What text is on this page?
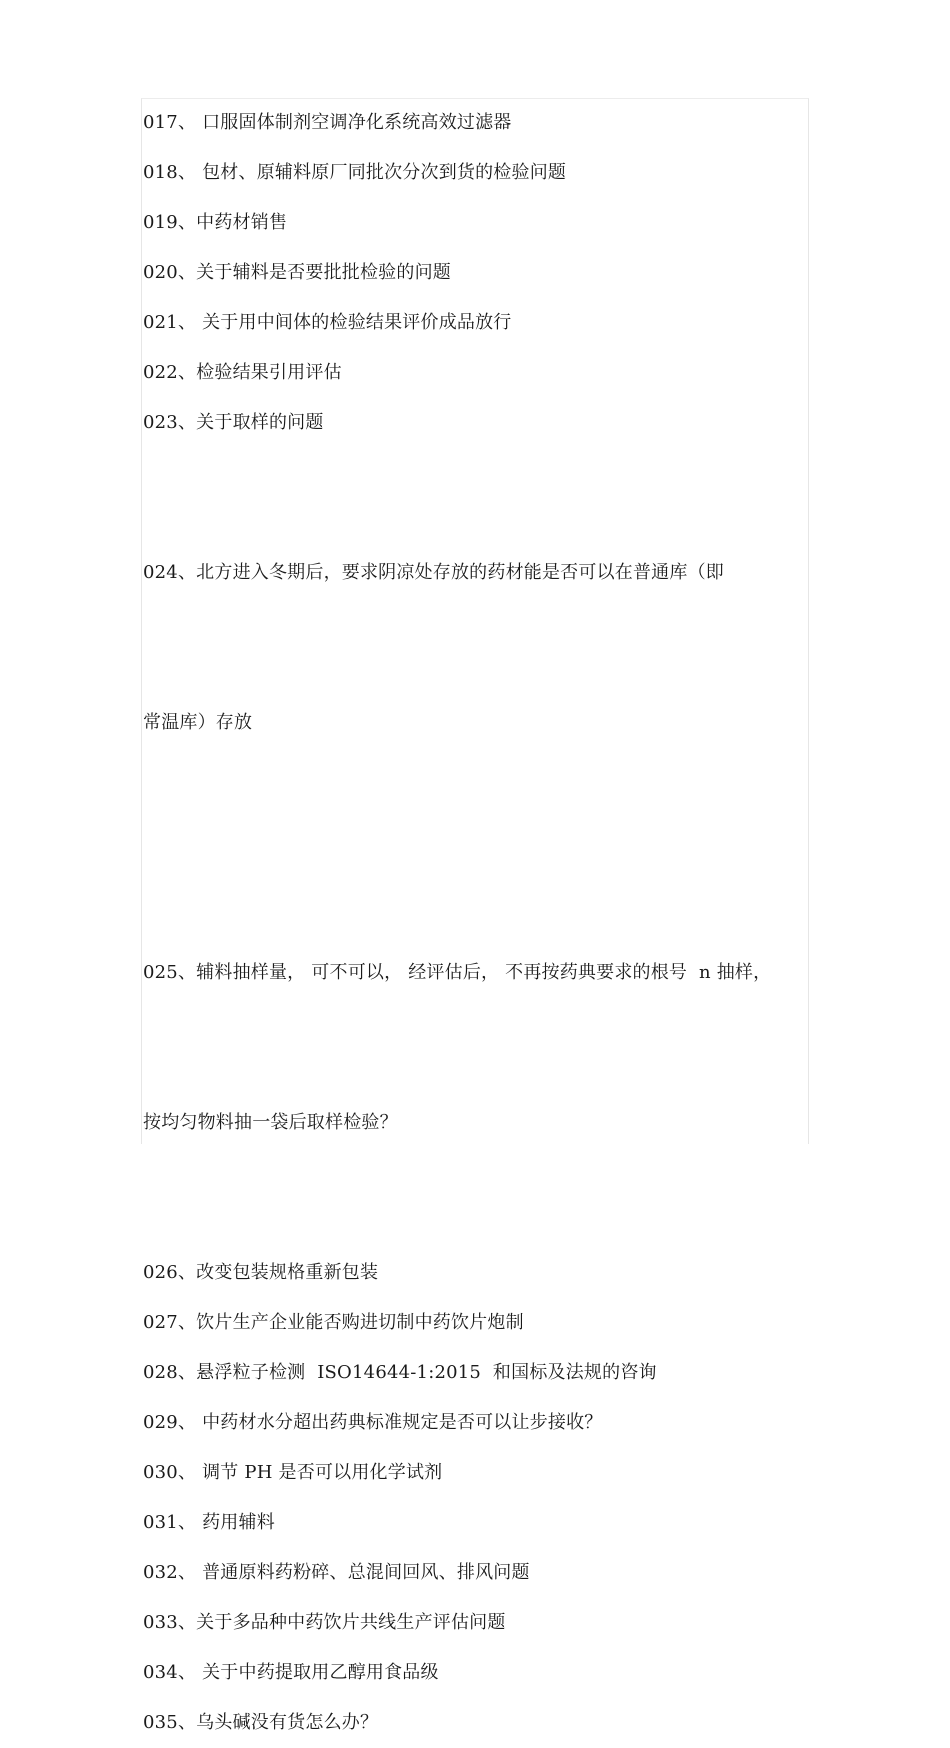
017、 口服固体制剂空调净化系统高效过滤器
018、 包材、原辅料原厂同批次分次到货的检验问题
019、中药材销售
020、关于辅料是否要批批检验的问题
021、 关于用中间体的检验结果评价成品放行
022、检验结果引用评估
023、关于取样的问题

024、北方进入冬期后，要求阴凉处存放的药材能是否可以在普通库（即

常温库）存放

025、辅料抽样量， 可不可以， 经评估后， 不再按药典要求的根号  n 抽样，

按均匀物料抽一袋后取样检验？

026、改变包装规格重新包装
027、饮片生产企业能否购进切制中药饮片炮制
028、悬浮粒子检测  ISO14644-1:2015  和国标及法规的咨询
029、 中药材水分超出药典标准规定是否可以让步接收？
030、 调节 PH 是否可以用化学试剂
031、 药用辅料
032、 普通原料药粉碎、总混间回风、排风问题
033、关于多品种中药饮片共线生产评估问题
034、 关于中药提取用乙醇用食品级
035、乌头碱没有货怎么办？
